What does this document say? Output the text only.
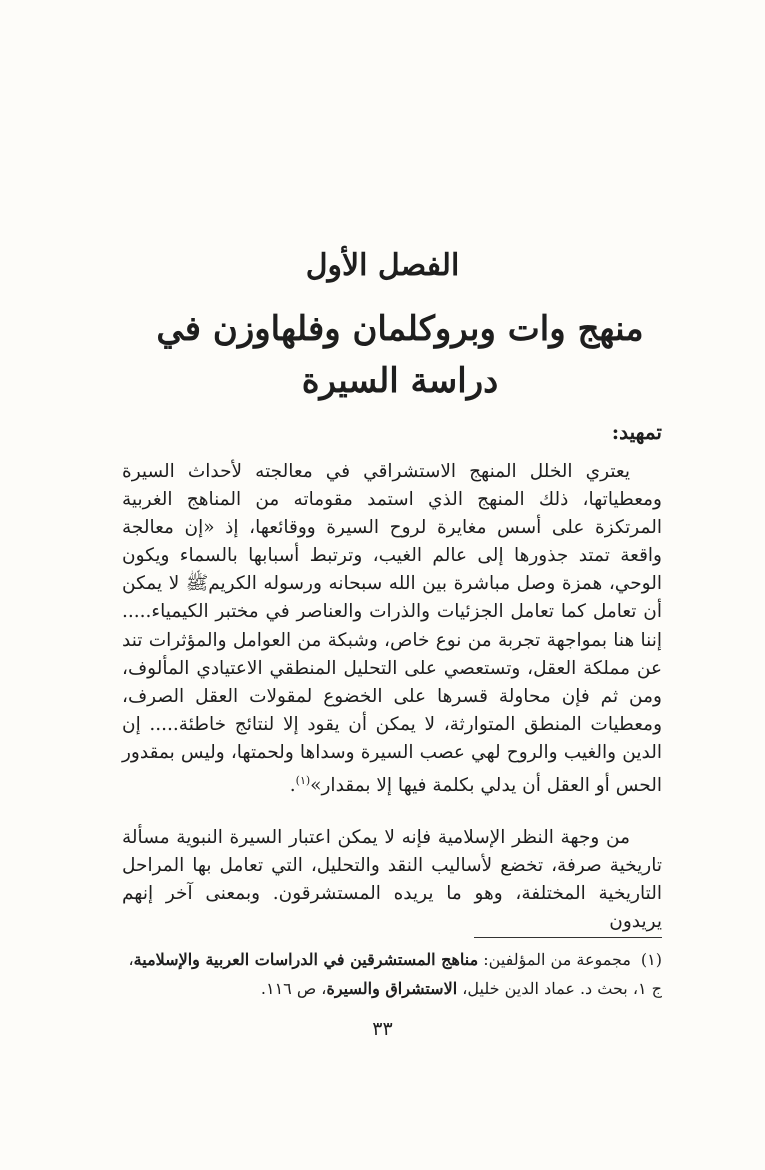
الفصل الأول
منهج وات وبروكلمان وفلهاوزن في دراسة السيرة
تمهيد:
يعتري الخلل المنهج الاستشراقي في معالجته لأحداث السيرة ومعطياتها، ذلك المنهج الذي استمد مقوماته من المناهج الغربية المرتكزة على أسس مغايرة لروح السيرة ووقائعها، إذ «إن معالجة واقعة تمتد جذورها إلى عالم الغيب، وترتبط أسبابها بالسماء ويكون الوحي، همزة وصل مباشرة بين الله سبحانه ورسوله الكريمﷺ لا يمكن أن تعامل كما تعامل الجزئيات والذرات والعناصر في مختبر الكيمياء..... إننا هنا بمواجهة تجربة من نوع خاص، وشبكة من العوامل والمؤثرات تند عن مملكة العقل، وتستعصي على التحليل المنطقي الاعتيادي المألوف، ومن ثم فإن محاولة قسرها على الخضوع لمقولات العقل الصرف، ومعطيات المنطق المتوارثة، لا يمكن أن يقود إلا لنتائج خاطئة..... إن الدين والغيب والروح لهي عصب السيرة وسداها ولحمتها، وليس بمقدور الحس أو العقل أن يدلي بكلمة فيها إلا بمقدار»$^{(١)}$.
من وجهة النظر الإسلامية فإنه لا يمكن اعتبار السيرة النبوية مسألة تاريخية صرفة، تخضع لأساليب النقد والتحليل، التي تعامل بها المراحل التاريخية المختلفة، وهو ما يريده المستشرقون. وبمعنى آخر إنهم يريدون
(١)مجموعة من المؤلفين: مناهج المستشرقين في الدراسات العربية والإسلامية، ج ١، بحث د. عماد الدين خليل، الاستشراق والسيرة، ص ١١٦.
٣٣
